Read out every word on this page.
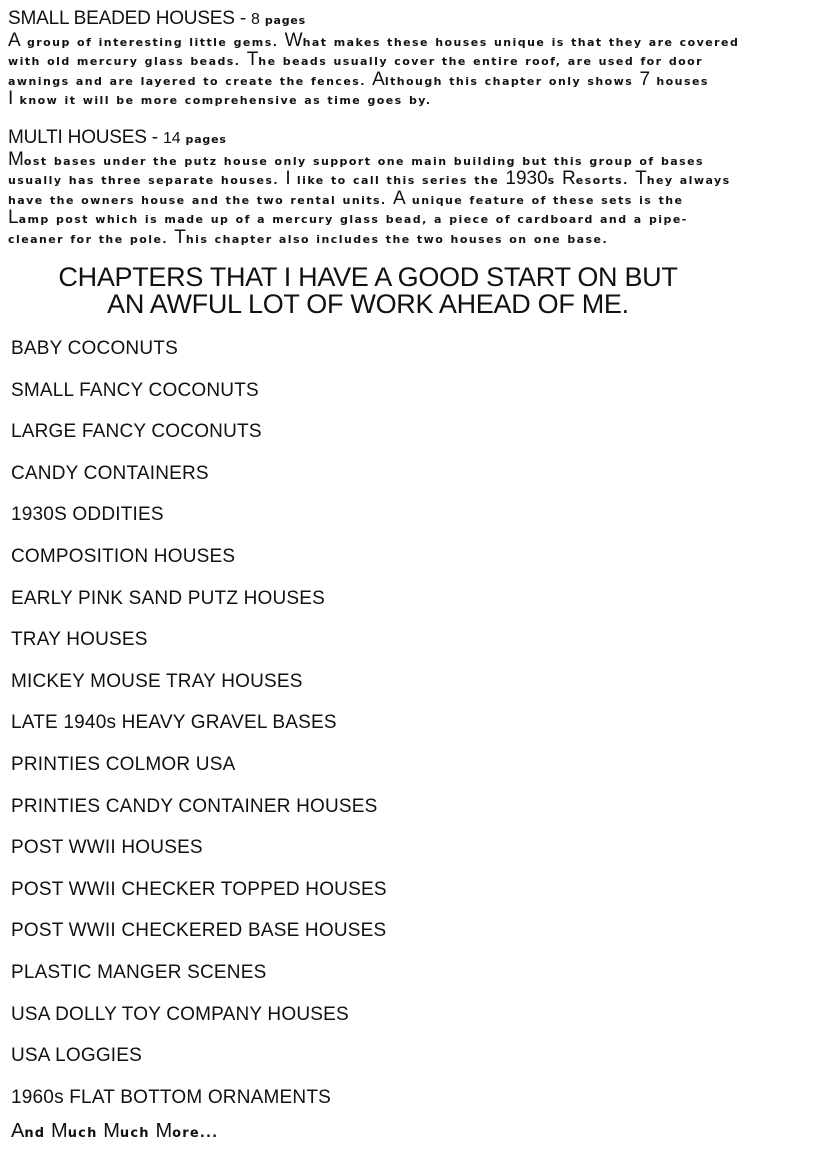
SMALL BEADED HOUSES - 8 pages
A group of interesting little gems. What makes these houses unique is that they are covered
with old mercury glass beads. The beads usually cover the entire roof, are used for door
awnings and are layered to create the fences. Although this chapter only shows 7 houses
I know it will be more comprehensive as time goes by.
MULTI HOUSES - 14 pages
Most bases under the putz house only support one main building but this group of bases
usually has three separate houses. I like to call this series the 1930s Resorts. They always
have the owners house and the two rental units. A unique feature of these sets is the
Lamp post which is made up of a mercury glass bead, a piece of cardboard and a pipe-
cleaner for the pole. This chapter also includes the two houses on one base.
CHAPTERS THAT I HAVE A GOOD START ON BUT
AN AWFUL LOT OF WORK AHEAD OF ME.
BABY COCONUTS
SMALL FANCY COCONUTS
LARGE FANCY COCONUTS
CANDY CONTAINERS
1930S ODDITIES
COMPOSITION HOUSES
EARLY PINK SAND PUTZ HOUSES
TRAY HOUSES
MICKEY MOUSE TRAY HOUSES
LATE 1940s HEAVY GRAVEL BASES
PRINTIES COLMOR USA
PRINTIES CANDY CONTAINER HOUSES
POST WWII HOUSES
POST WWII CHECKER TOPPED HOUSES
POST WWII CHECKERED BASE HOUSES
PLASTIC MANGER SCENES
USA DOLLY TOY COMPANY HOUSES
USA LOGGIES
1960s FLAT BOTTOM ORNAMENTS
And Much Much More...
